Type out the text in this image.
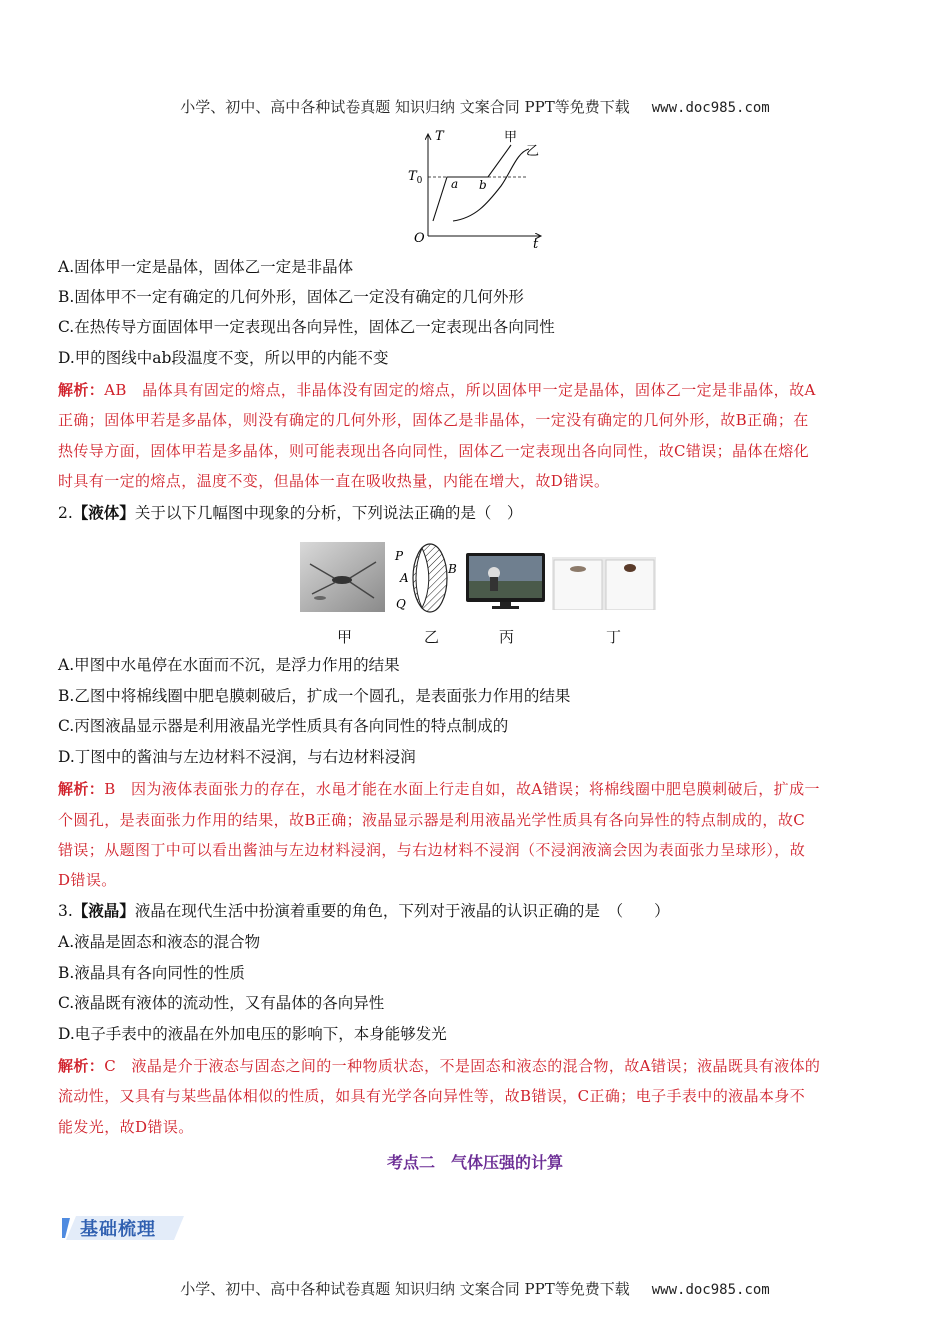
小学、初中、高中各种试卷真题 知识归纳 文案合同 PPT等免费下载 www.doc985.com
T
t
O
$T_0$ a b
甲
乙
A.固体甲一定是晶体，固体乙一定是非晶体
B.固体甲不一定有确定的几何外形，固体乙一定没有确定的几何外形
C.在热传导方面固体甲一定表现出各向异性，固体乙一定表现出各向同性
D.甲的图线中ab段温度不变，所以甲的内能不变
解析：AB　晶体具有固定的熔点，非晶体没有固定的熔点，所以固体甲一定是晶体，固体乙一定是非晶体，故A
正确；固体甲若是多晶体，则没有确定的几何外形，固体乙是非晶体，一定没有确定的几何外形，故B正确；在
热传导方面，固体甲若是多晶体，则可能表现出各向同性，固体乙一定表现出各向同性，故C错误；晶体在熔化
时具有一定的熔点，温度不变，但晶体一直在吸收热量，内能在增大，故D错误。
2.【液体】关于以下几幅图中现象的分析，下列说法正确的是（　）
P
A
B
Q
甲	乙	丙	丁
A.甲图中水黾停在水面而不沉，是浮力作用的结果
B.乙图中将棉线圈中肥皂膜刺破后，扩成一个圆孔，是表面张力作用的结果
C.丙图液晶显示器是利用液晶光学性质具有各向同性的特点制成的
D.丁图中的酱油与左边材料不浸润，与右边材料浸润
解析：B　因为液体表面张力的存在，水黾才能在水面上行走自如，故A错误；将棉线圈中肥皂膜刺破后，扩成一
个圆孔，是表面张力作用的结果，故B正确；液晶显示器是利用液晶光学性质具有各向异性的特点制成的，故C
错误；从题图丁中可以看出酱油与左边材料浸润，与右边材料不浸润（不浸润液滴会因为表面张力呈球形），故
D错误。
3.【液晶】液晶在现代生活中扮演着重要的角色，下列对于液晶的认识正确的是　（　　）
A.液晶是固态和液态的混合物
B.液晶具有各向同性的性质
C.液晶既有液体的流动性，又有晶体的各向异性
D.电子手表中的液晶在外加电压的影响下，本身能够发光
解析：C　液晶是介于液态与固态之间的一种物质状态，不是固态和液态的混合物，故A错误；液晶既具有液体的
流动性，又具有与某些晶体相似的性质，如具有光学各向异性等，故B错误，C正确；电子手表中的液晶本身不
能发光，故D错误。
考点二　气体压强的计算
基础梳理
小学、初中、高中各种试卷真题 知识归纳 文案合同 PPT等免费下载 www.doc985.com
